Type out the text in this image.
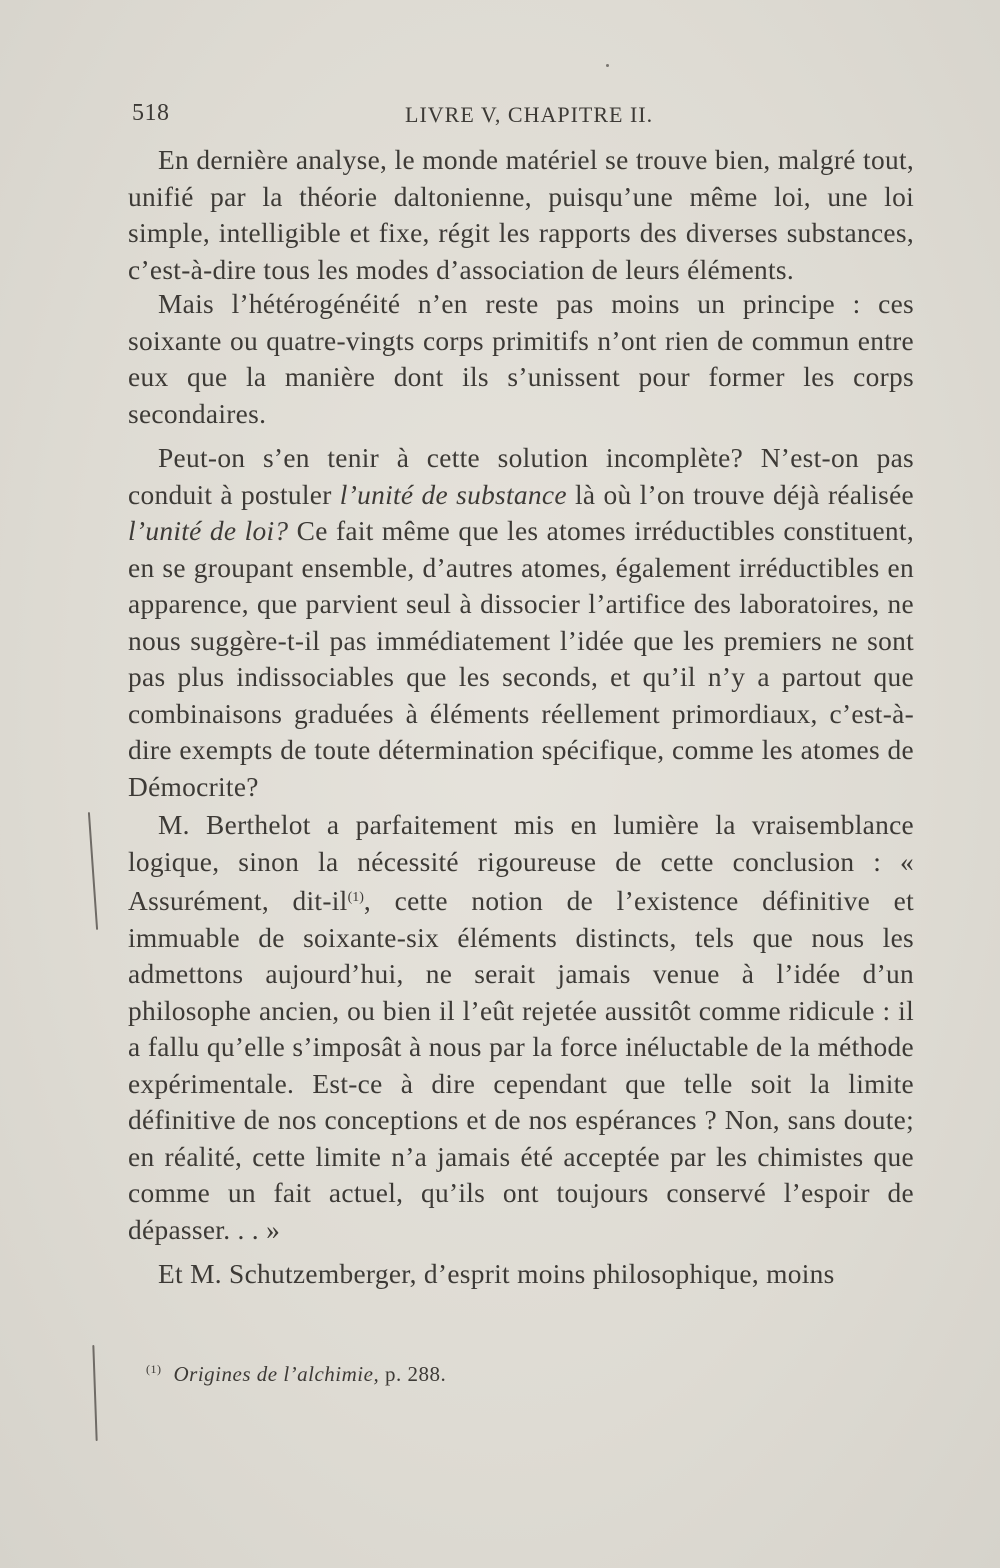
518	LIVRE V, CHAPITRE II.

En dernière analyse, le monde matériel se trouve bien, malgré tout, unifié par la théorie daltonienne, puisqu’une même loi, une loi simple, intelligible et fixe, régit les rapports des diverses substances, c’est-à-dire tous les modes d’association de leurs éléments.

Mais l’hétérogénéité n’en reste pas moins un principe : ces soixante ou quatre-vingts corps primitifs n’ont rien de commun entre eux que la manière dont ils s’unissent pour former les corps secondaires.

Peut-on s’en tenir à cette solution incomplète? N’est-on pas conduit à postuler l’unité de substance là où l’on trouve déjà réalisée l’unité de loi? Ce fait même que les atomes irréductibles constituent, en se groupant ensemble, d’autres atomes, également irréductibles en apparence, que parvient seul à dissocier l’artifice des laboratoires, ne nous suggère-t-il pas immédiatement l’idée que les premiers ne sont pas plus indissociables que les seconds, et qu’il n’y a partout que combinaisons graduées à éléments réellement primordiaux, c’est-à-dire exempts de toute détermination spécifique, comme les atomes de Démocrite?

M. Berthelot a parfaitement mis en lumière la vraisemblance logique, sinon la nécessité rigoureuse de cette conclusion : « Assurément, dit-il$^{(1)}$, cette notion de l’existence définitive et immuable de soixante-six éléments distincts, tels que nous les admettons aujourd’hui, ne serait jamais venue à l’idée d’un philosophe ancien, ou bien il l’eût rejetée aussitôt comme ridicule : il a fallu qu’elle s’imposât à nous par la force inéluctable de la méthode expérimentale. Est-ce à dire cependant que telle soit la limite définitive de nos conceptions et de nos espérances ? Non, sans doute; en réalité, cette limite n’a jamais été acceptée par les chimistes que comme un fait actuel, qu’ils ont toujours conservé l’espoir de dépasser. . . »

Et M. Schutzemberger, d’esprit moins philosophique, moins

$^{(1)}$ Origines de l’alchimie, p. 288.
